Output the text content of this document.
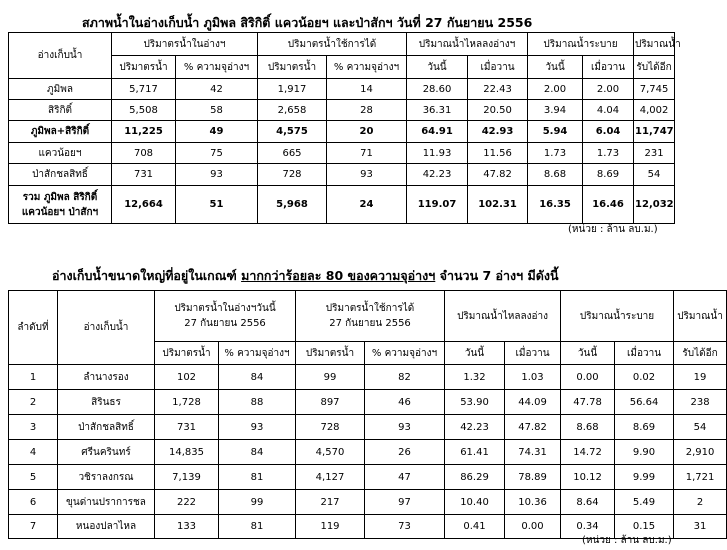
สภาพน้ำในอ่างเก็บน้ำ ภูมิพล สิริกิติ์ แควน้อยฯ และป่าสักฯ วันที่ 27 กันยายน 2556
อ่างเก็บน้ำ	ปริมาตรน้ำในอ่างฯ		ปริมาตรน้ำใช้การได้		ปริมาณน้ำไหลลงอ่างฯ		ปริมาณน้ำระบาย		ปริมาณน้ำ
	ปริมาตรน้ำ	% ความจุอ่างฯ	ปริมาตรน้ำ	% ความจุอ่างฯ	วันนี้	เมื่อวาน	วันนี้	เมื่อวาน	รับได้อีก
ภูมิพล	5,717	42	1,917	14	28.60	22.43	2.00	2.00	7,745
สิริกิติ์	5,508	58	2,658	28	36.31	20.50	3.94	4.04	4,002
ภูมิพล+สิริกิติ์	11,225	49	4,575	20	64.91	42.93	5.94	6.04	11,747
แควน้อยฯ	708	75	665	71	11.93	11.56	1.73	1.73	231
ป่าสักชลสิทธิ์	731	93	728	93	42.23	47.82	8.68	8.69	54
รวม ภูมิพล สิริกิติ์
แควน้อยฯ ป่าสักฯ	12,664	51	5,968	24	119.07	102.31	16.35	16.46	12,032
(หน่วย : ล้าน ลบ.ม.)
อ่างเก็บน้ำขนาดใหญ่ที่อยู่ในเกณฑ์ มากกว่าร้อยละ 80 ของความจุอ่างฯ จำนวน 7 อ่างฯ มีดังนี้
ลำดับที่	อ่างเก็บน้ำ	ปริมาตรน้ำในอ่างฯวันนี้
27 กันยายน 2556		ปริมาตรน้ำใช้การได้
27 กันยายน 2556		ปริมาณน้ำไหลลงอ่าง		ปริมาณน้ำระบาย		ปริมาณน้ำ
		ปริมาตรน้ำ	% ความจุอ่างฯ	ปริมาตรน้ำ	% ความจุอ่างฯ	วันนี้	เมื่อวาน	วันนี้	เมื่อวาน	รับได้อีก
1	ลำนางรอง	102	84	99	82	1.32	1.03	0.00	0.02	19
2	สิรินธร	1,728	88	897	46	53.90	44.09	47.78	56.64	238
3	ป่าสักชลสิทธิ์	731	93	728	93	42.23	47.82	8.68	8.69	54
4	ศรีนครินทร์	14,835	84	4,570	26	61.41	74.31	14.72	9.90	2,910
5	วชิราลงกรณ	7,139	81	4,127	47	86.29	78.89	10.12	9.99	1,721
6	ขุนด่านปราการชล	222	99	217	97	10.40	10.36	8.64	5.49	2
7	หนองปลาไหล	133	81	119	73	0.41	0.00	0.34	0.15	31
(หน่วย : ล้าน ลบ.ม.)
